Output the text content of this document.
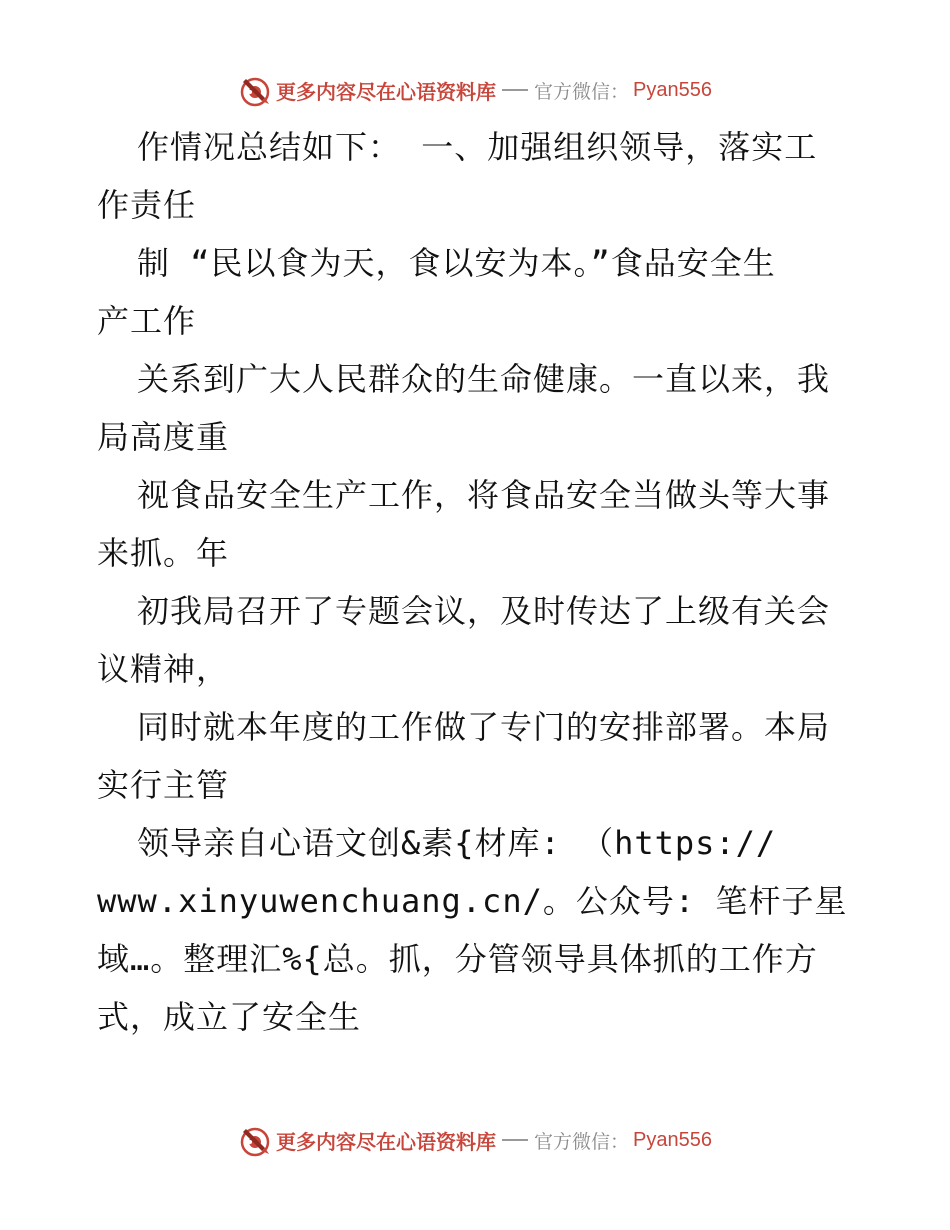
更多内容尽在心语资料库 官方微信： Pyan556
作情况总结如下： 一、加强组织领导，落实工
作责任
制 “民以食为天，食以安为本。”食品安全生
产工作
关系到广大人民群众的生命健康。一直以来，我
局高度重
视食品安全生产工作，将食品安全当做头等大事
来抓。年
初我局召开了专题会议，及时传达了上级有关会
议精神，
同时就本年度的工作做了专门的安排部署。本局
实行主管
领导亲自心语文创&素{材库: （https://
www.xinyuwenchuang.cn/。公众号: 笔杆子星
域…。整理汇%{总。抓，分管领导具体抓的工作方
式，成立了安全生
更多内容尽在心语资料库 官方微信： Pyan556
